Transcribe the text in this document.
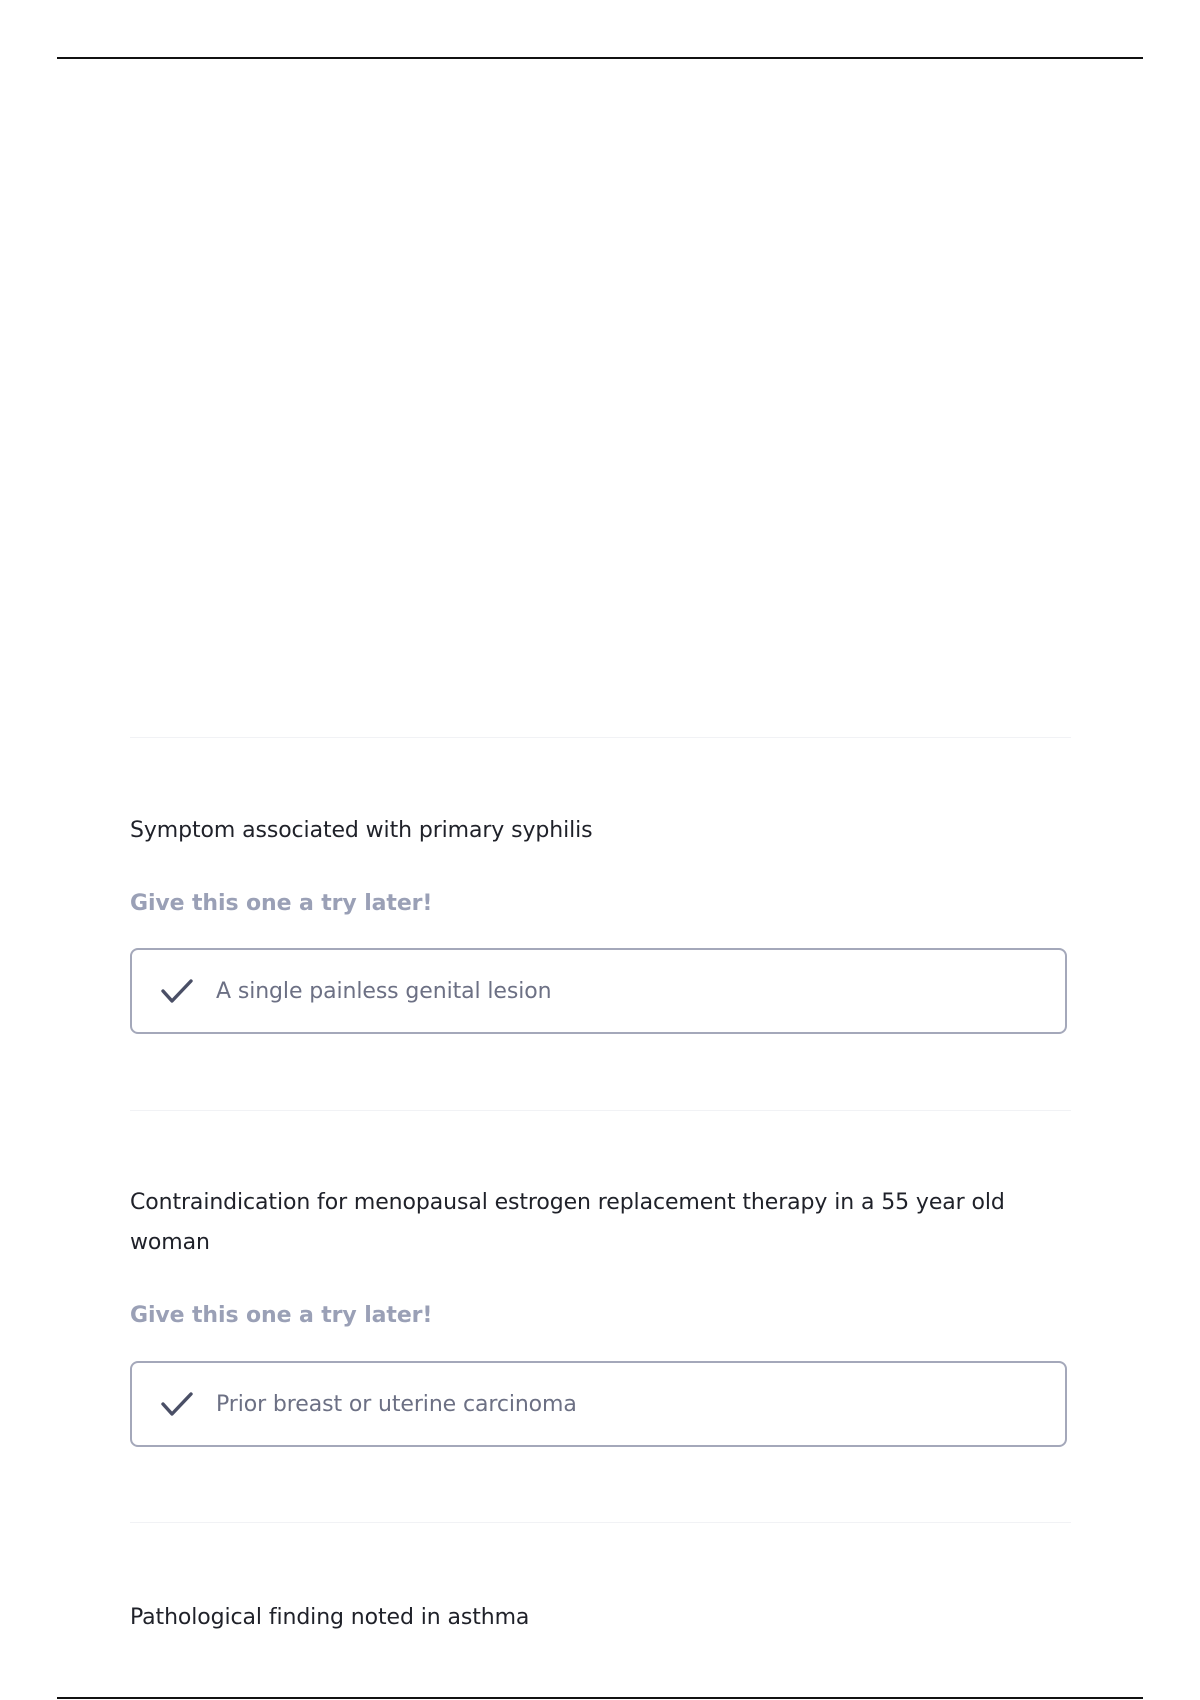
Symptom associated with primary syphilis
Give this one a try later!
A single painless genital lesion
Contraindication for menopausal estrogen replacement therapy in a 55 year old woman
Give this one a try later!
Prior breast or uterine carcinoma
Pathological finding noted in asthma
